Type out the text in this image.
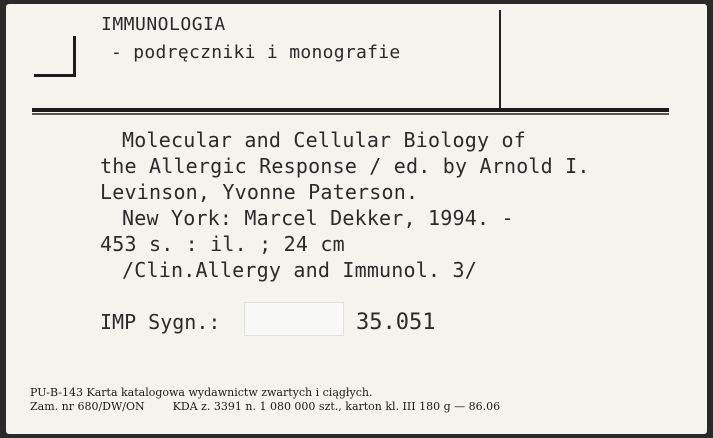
IMMUNOLOGIA
- podręczniki i monografie
Molecular and Cellular Biology of
the Allergic Response / ed. by Arnold I.
Levinson, Yvonne Paterson.
New York: Marcel Dekker, 1994. -
453 s. : il. ; 24 cm
/Clin.Allergy and Immunol. 3/
IMP Sygn.:	35.051
PU-B-143 Karta katalogowa wydawnictw zwartych i ciągłych.
Zam. nr 680/DW/ON        KDA z. 3391 n. 1 080 000 szt., karton kl. III 180 g — 86.06
